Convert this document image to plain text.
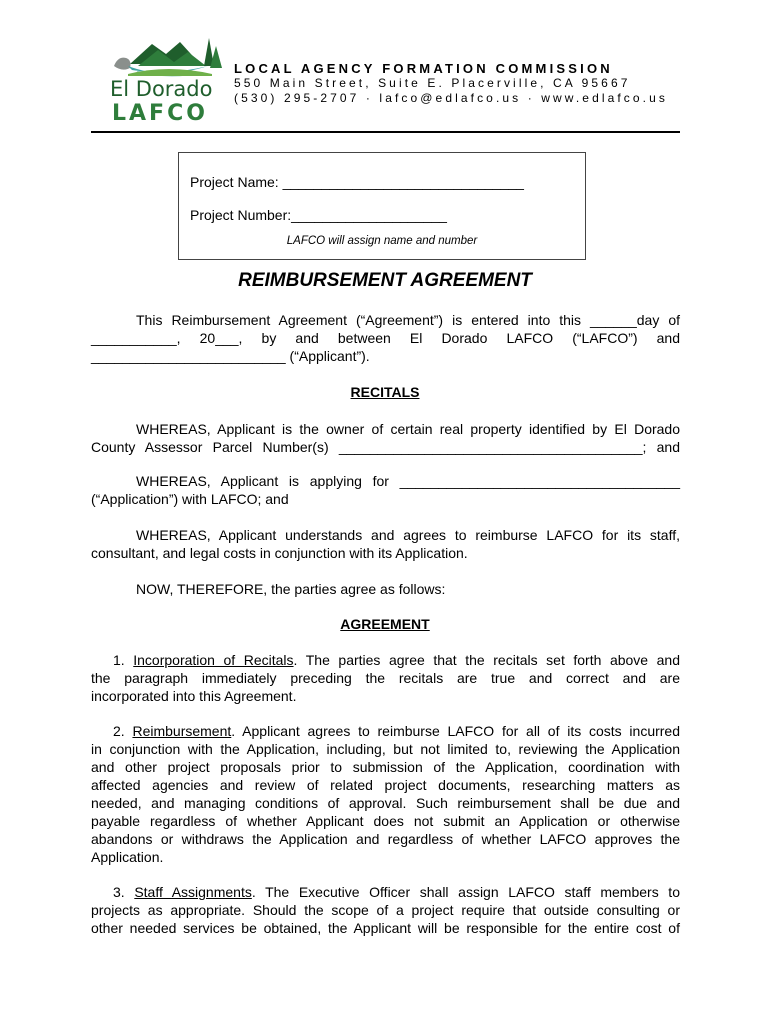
El Dorado
LAFCO
LOCAL AGENCY FORMATION COMMISSION
550 Main Street, Suite E. Placerville, CA 95667
(530) 295-2707 · lafco@edlafco.us · www.edlafco.us
Project Name: _______________________________
Project Number:____________________
LAFCO will assign name and number
REIMBURSEMENT AGREEMENT
This Reimbursement Agreement (“Agreement”) is entered into this ______day of
___________, 20___, by and between El Dorado LAFCO (“LAFCO”) and
_________________________ (“Applicant”).
RECITALS
WHEREAS, Applicant is the owner of certain real property identified by El Dorado
County Assessor Parcel Number(s) _______________________________________; and
WHEREAS, Applicant is applying for ____________________________________
(“Application”) with LAFCO; and
WHEREAS, Applicant understands and agrees to reimburse LAFCO for its staff,
consultant, and legal costs in conjunction with its Application.
NOW, THEREFORE, the parties agree as follows:
AGREEMENT
1. Incorporation of Recitals. The parties agree that the recitals set forth above and
the paragraph immediately preceding the recitals are true and correct and are
incorporated into this Agreement.
2. Reimbursement. Applicant agrees to reimburse LAFCO for all of its costs incurred
in conjunction with the Application, including, but not limited to, reviewing the Application
and other project proposals prior to submission of the Application, coordination with
affected agencies and review of related project documents, researching matters as
needed, and managing conditions of approval. Such reimbursement shall be due and
payable regardless of whether Applicant does not submit an Application or otherwise
abandons or withdraws the Application and regardless of whether LAFCO approves the
Application.
3. Staff Assignments. The Executive Officer shall assign LAFCO staff members to
projects as appropriate. Should the scope of a project require that outside consulting or
other needed services be obtained, the Applicant will be responsible for the entire cost of
